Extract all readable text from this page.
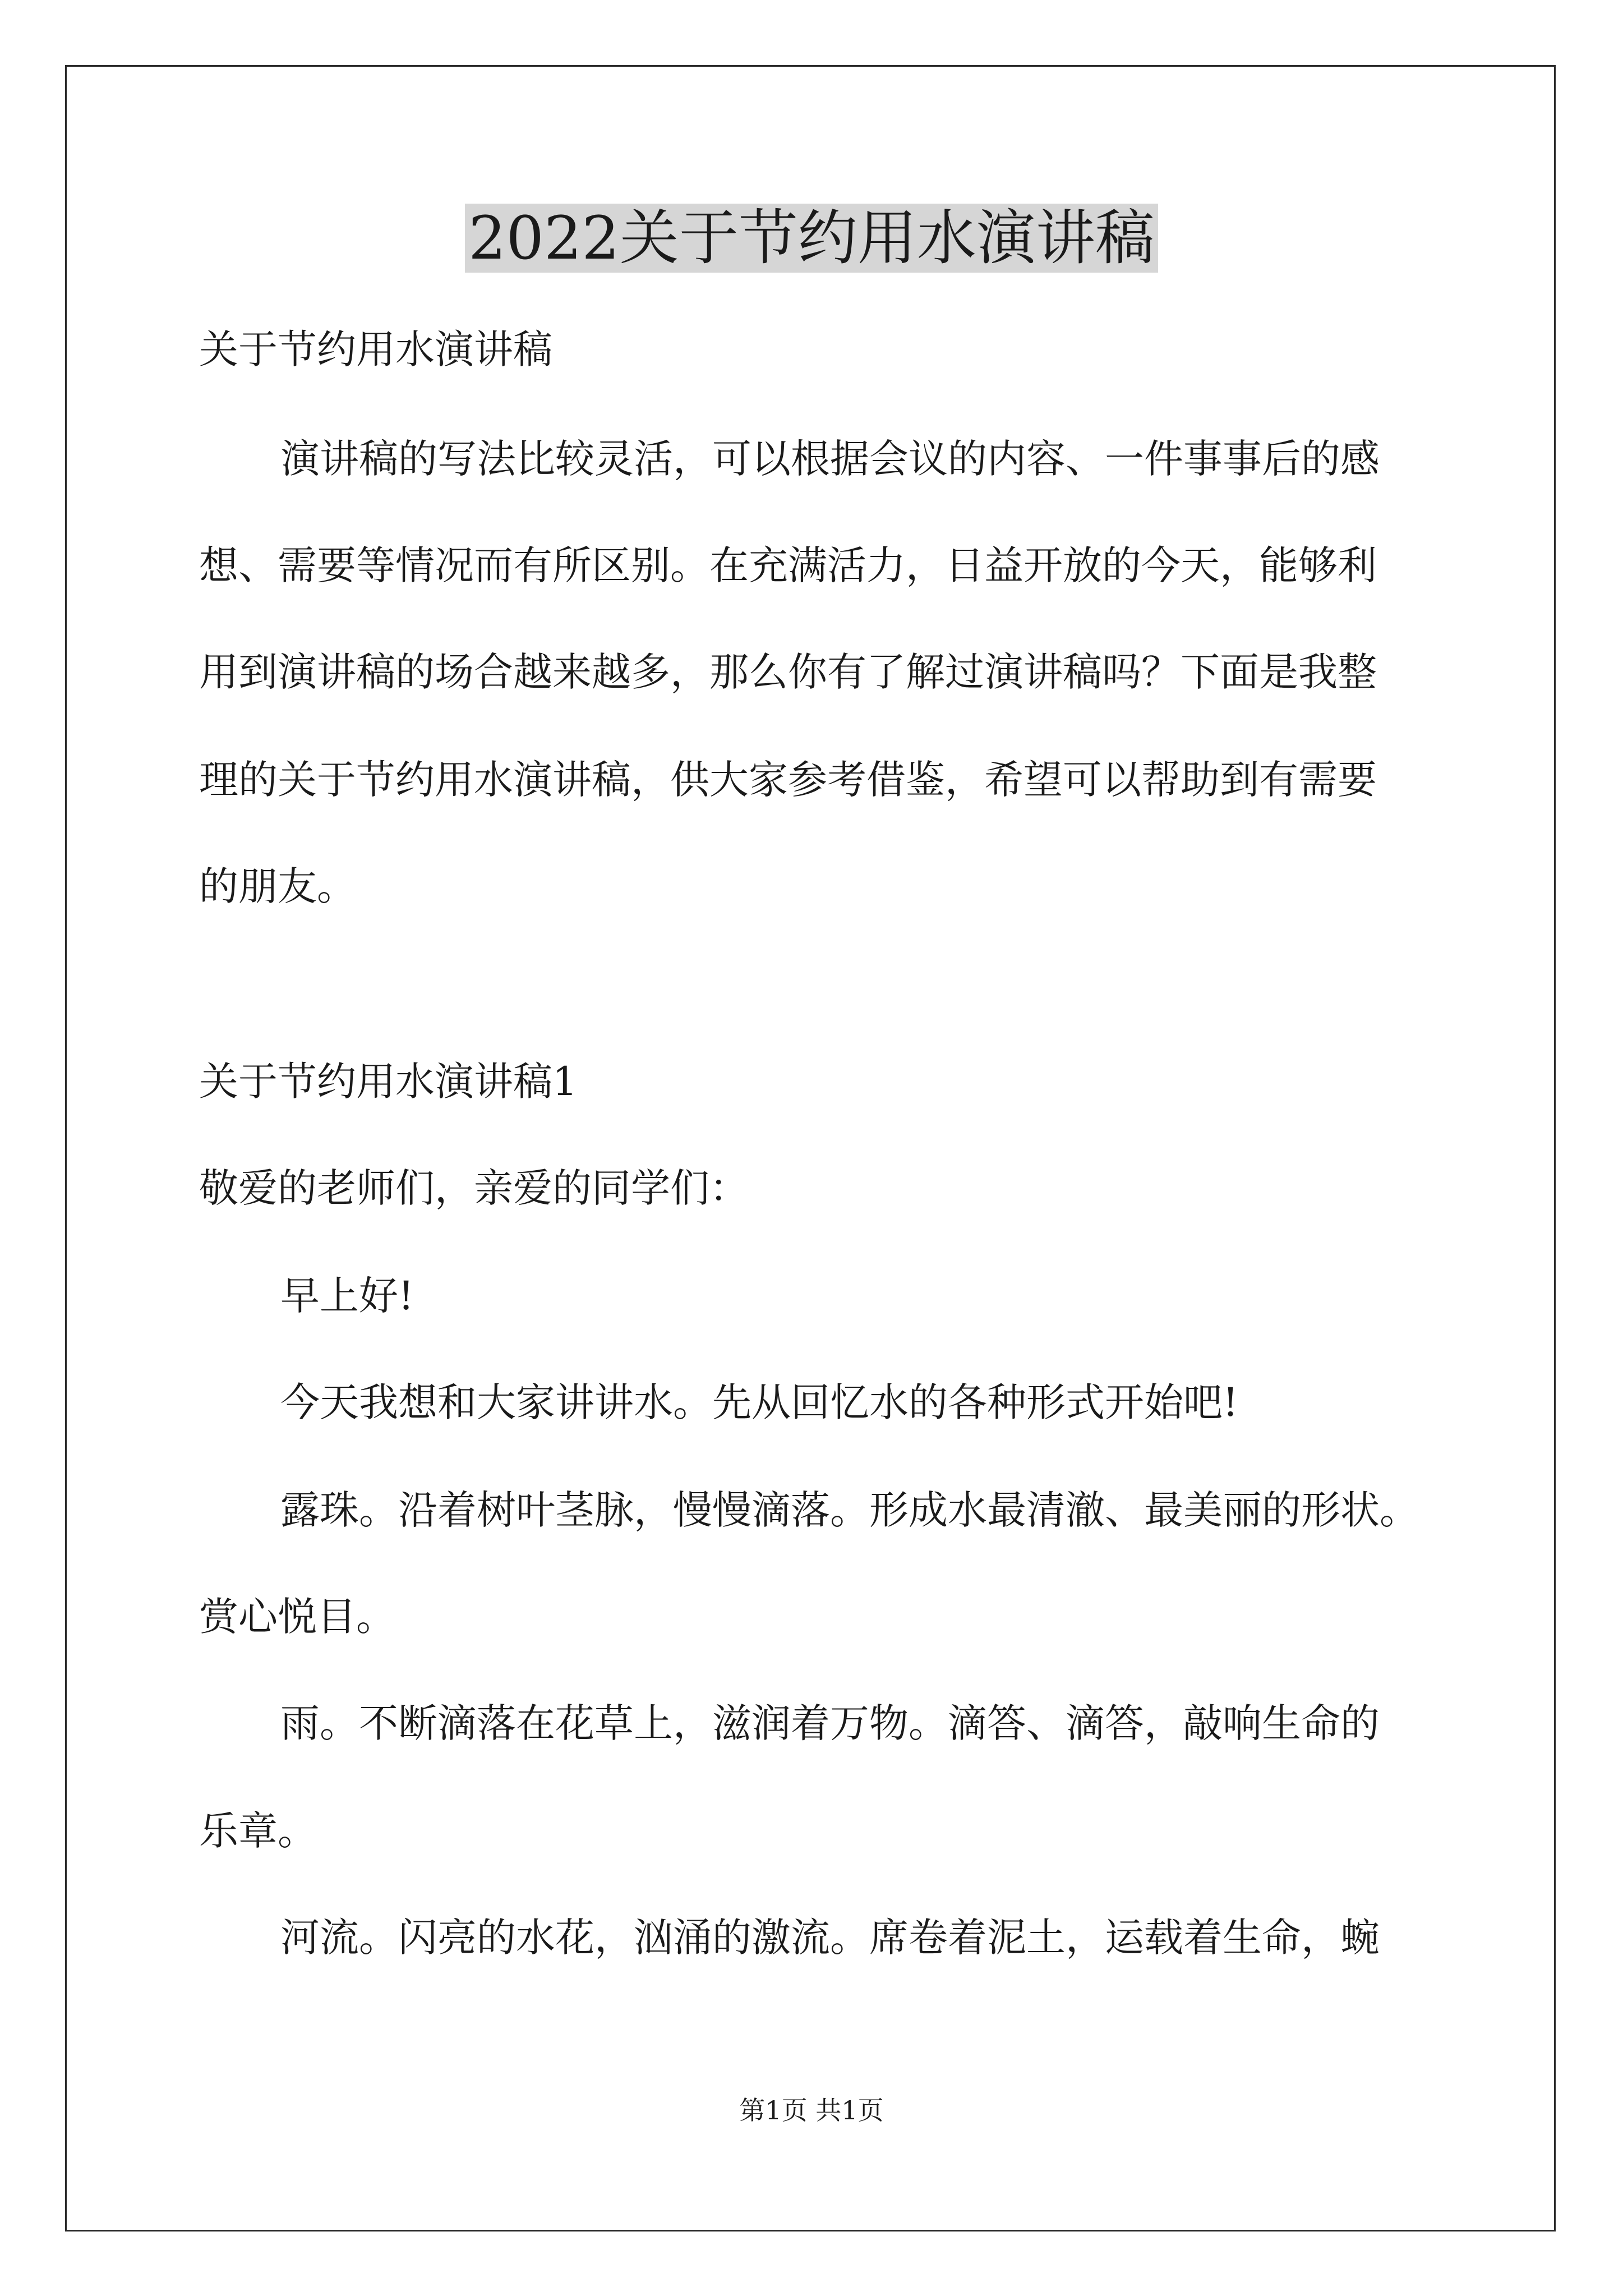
2022关于节约用水演讲稿
关于节约用水演讲稿
演讲稿的写法比较灵活，可以根据会议的内容、一件事事后的感
想、需要等情况而有所区别。在充满活力，日益开放的今天，能够利
用到演讲稿的场合越来越多，那么你有了解过演讲稿吗？下面是我整
理的关于节约用水演讲稿，供大家参考借鉴，希望可以帮助到有需要
的朋友。
关于节约用水演讲稿1
敬爱的老师们，亲爱的同学们：
早上好!
今天我想和大家讲讲水。先从回忆水的各种形式开始吧!
露珠。沿着树叶茎脉，慢慢滴落。形成水最清澈、最美丽的形状。
赏心悦目。
雨。不断滴落在花草上，滋润着万物。滴答、滴答，敲响生命的
乐章。
河流。闪亮的水花，汹涌的激流。席卷着泥土，运载着生命，蜿
第1页 共1页
